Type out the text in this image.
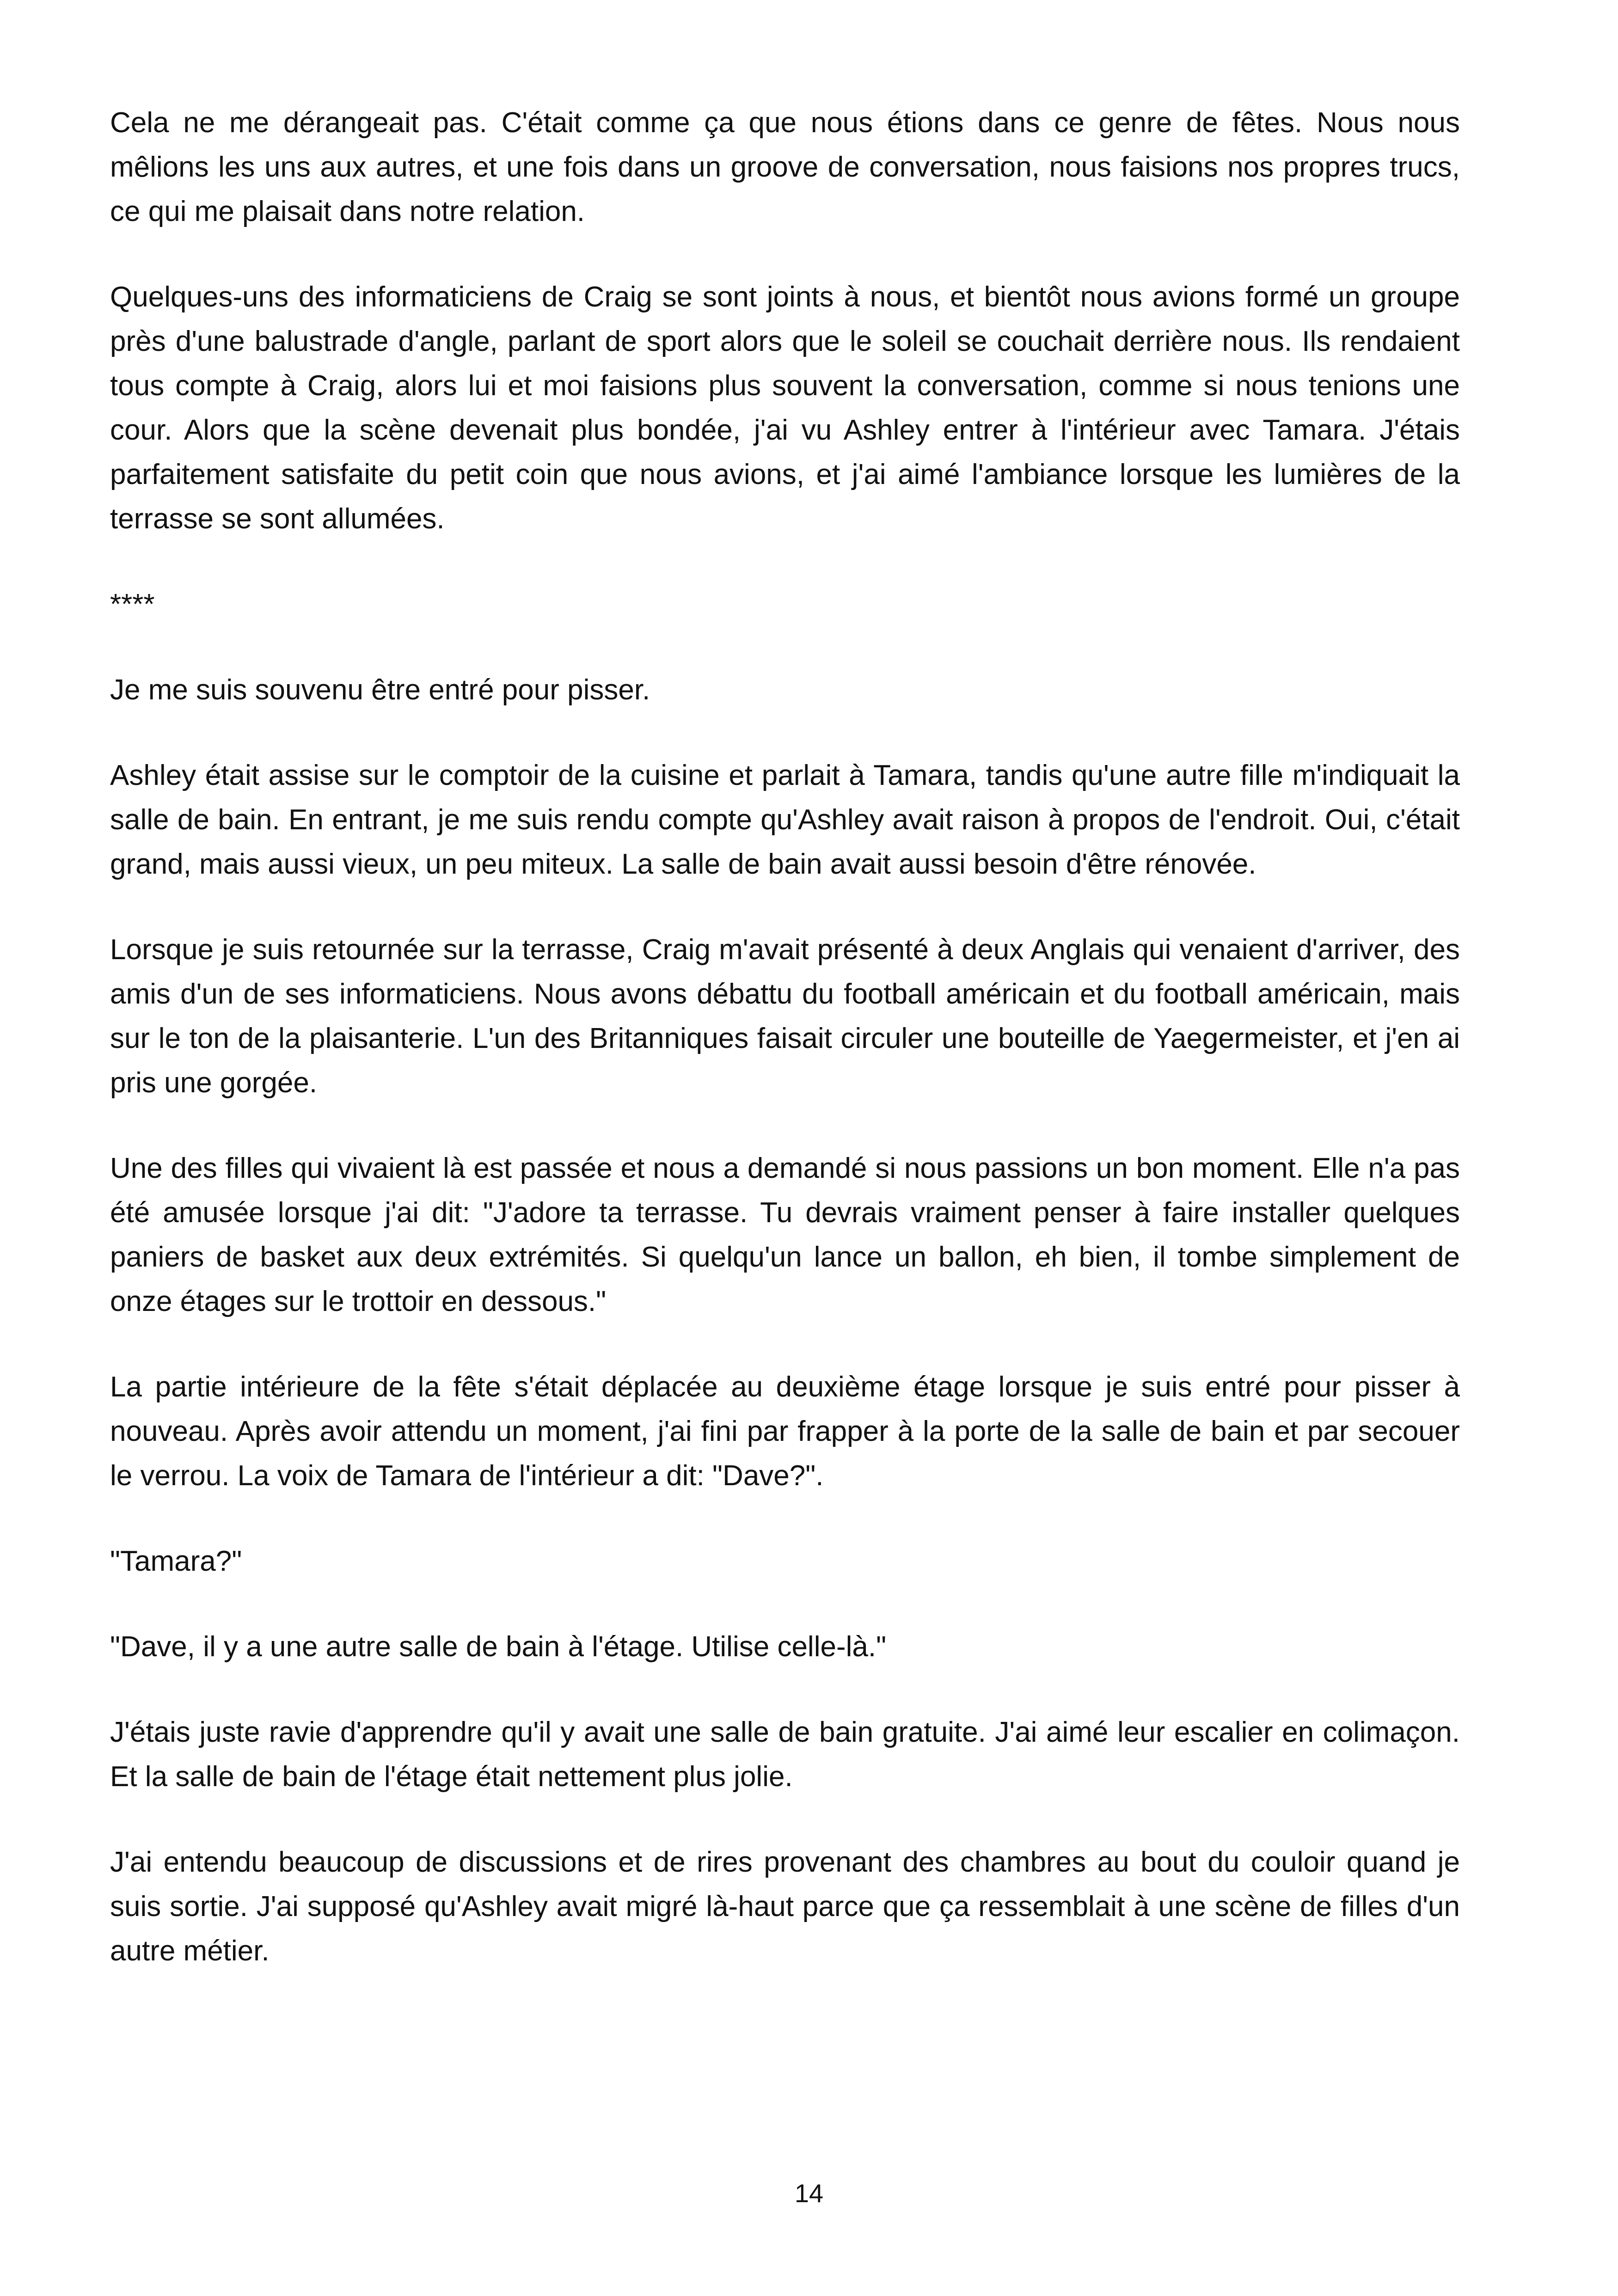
Cela ne me dérangeait pas. C'était comme ça que nous étions dans ce genre de fêtes. Nous nous mêlions les uns aux autres, et une fois dans un groove de conversation, nous faisions nos propres trucs, ce qui me plaisait dans notre relation.

Quelques-uns des informaticiens de Craig se sont joints à nous, et bientôt nous avions formé un groupe près d'une balustrade d'angle, parlant de sport alors que le soleil se couchait derrière nous. Ils rendaient tous compte à Craig, alors lui et moi faisions plus souvent la conversation, comme si nous tenions une cour. Alors que la scène devenait plus bondée, j'ai vu Ashley entrer à l'intérieur avec Tamara. J'étais parfaitement satisfaite du petit coin que nous avions, et j'ai aimé l'ambiance lorsque les lumières de la terrasse se sont allumées.

****

Je me suis souvenu être entré pour pisser.

Ashley était assise sur le comptoir de la cuisine et parlait à Tamara, tandis qu'une autre fille m'indiquait la salle de bain. En entrant, je me suis rendu compte qu'Ashley avait raison à propos de l'endroit. Oui, c'était grand, mais aussi vieux, un peu miteux. La salle de bain avait aussi besoin d'être rénovée.

Lorsque je suis retournée sur la terrasse, Craig m'avait présenté à deux Anglais qui venaient d'arriver, des amis d'un de ses informaticiens. Nous avons débattu du football américain et du football américain, mais sur le ton de la plaisanterie. L'un des Britanniques faisait circuler une bouteille de Yaegermeister, et j'en ai pris une gorgée.

Une des filles qui vivaient là est passée et nous a demandé si nous passions un bon moment. Elle n'a pas été amusée lorsque j'ai dit: "J'adore ta terrasse. Tu devrais vraiment penser à faire installer quelques paniers de basket aux deux extrémités. Si quelqu'un lance un ballon, eh bien, il tombe simplement de onze étages sur le trottoir en dessous."

La partie intérieure de la fête s'était déplacée au deuxième étage lorsque je suis entré pour pisser à nouveau. Après avoir attendu un moment, j'ai fini par frapper à la porte de la salle de bain et par secouer le verrou. La voix de Tamara de l'intérieur a dit: "Dave?".

"Tamara?"

"Dave, il y a une autre salle de bain à l'étage. Utilise celle-là."

J'étais juste ravie d'apprendre qu'il y avait une salle de bain gratuite. J'ai aimé leur escalier en colimaçon. Et la salle de bain de l'étage était nettement plus jolie.

J'ai entendu beaucoup de discussions et de rires provenant des chambres au bout du couloir quand je suis sortie. J'ai supposé qu'Ashley avait migré là-haut parce que ça ressemblait à une scène de filles d'un autre métier.

14
